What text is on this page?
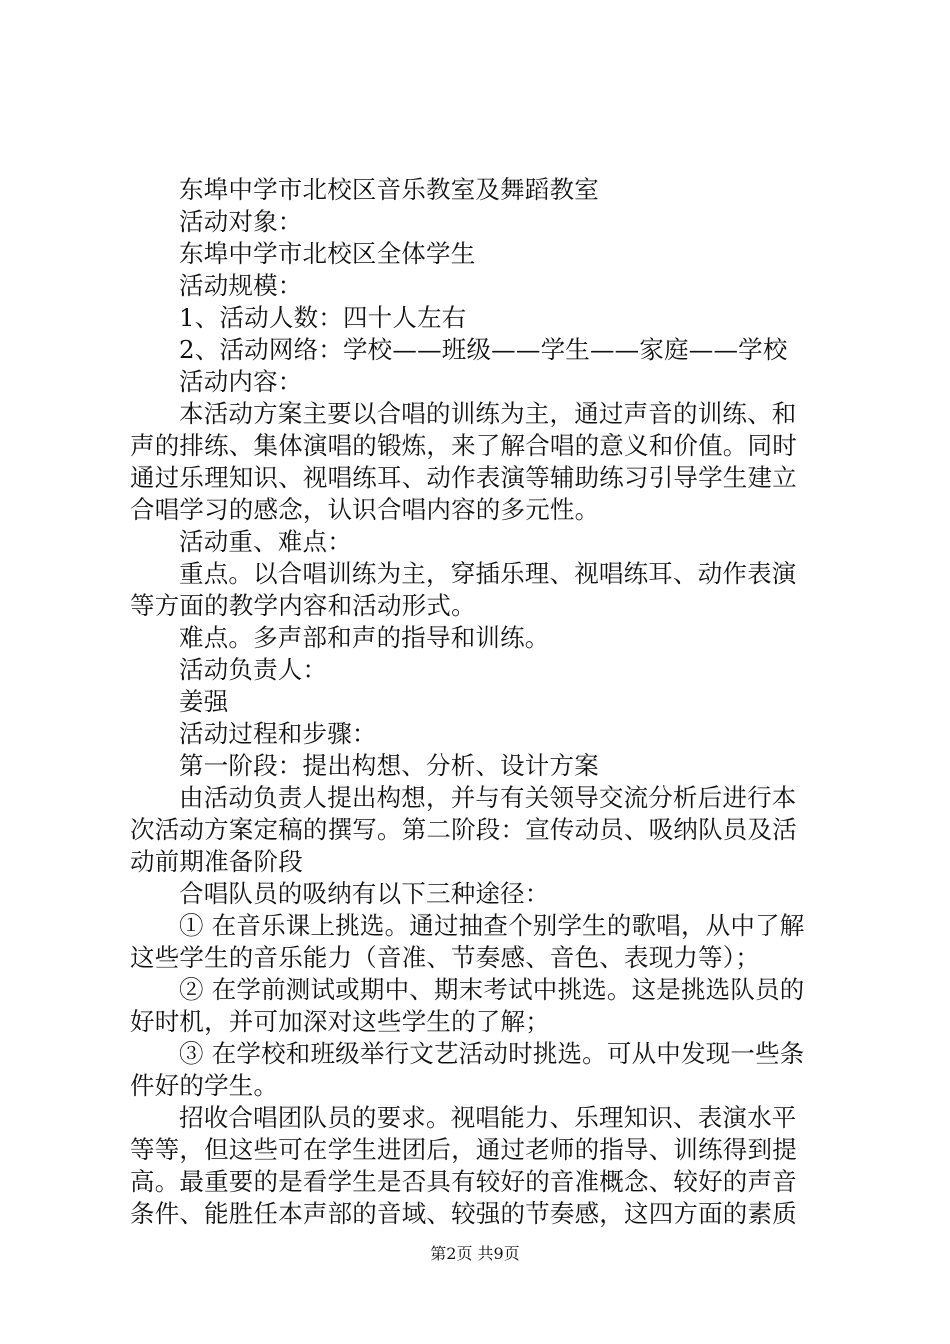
东埠中学市北校区音乐教室及舞蹈教室
活动对象：
东埠中学市北校区全体学生
活动规模：
1、活动人数：四十人左右
2、活动网络：学校——班级——学生——家庭——学校
活动内容：
本活动方案主要以合唱的训练为主，通过声音的训练、和
声的排练、集体演唱的锻炼，来了解合唱的意义和价值。同时
通过乐理知识、视唱练耳、动作表演等辅助练习引导学生建立
合唱学习的感念，认识合唱内容的多元性。
活动重、难点：
重点。以合唱训练为主，穿插乐理、视唱练耳、动作表演
等方面的教学内容和活动形式。
难点。多声部和声的指导和训练。
活动负责人：
姜强
活动过程和步骤：
第一阶段：提出构想、分析、设计方案
由活动负责人提出构想，并与有关领导交流分析后进行本
次活动方案定稿的撰写。第二阶段：宣传动员、吸纳队员及活
动前期准备阶段
合唱队员的吸纳有以下三种途径：
① 在音乐课上挑选。通过抽查个别学生的歌唱，从中了解
这些学生的音乐能力（音准、节奏感、音色、表现力等）；
② 在学前测试或期中、期末考试中挑选。这是挑选队员的
好时机，并可加深对这些学生的了解；
③ 在学校和班级举行文艺活动时挑选。可从中发现一些条
件好的学生。
招收合唱团队员的要求。视唱能力、乐理知识、表演水平
等等，但这些可在学生进团后，通过老师的指导、训练得到提
高。最重要的是看学生是否具有较好的音准概念、较好的声音
条件、能胜任本声部的音域、较强的节奏感，这四方面的素质
第2页 共9页
